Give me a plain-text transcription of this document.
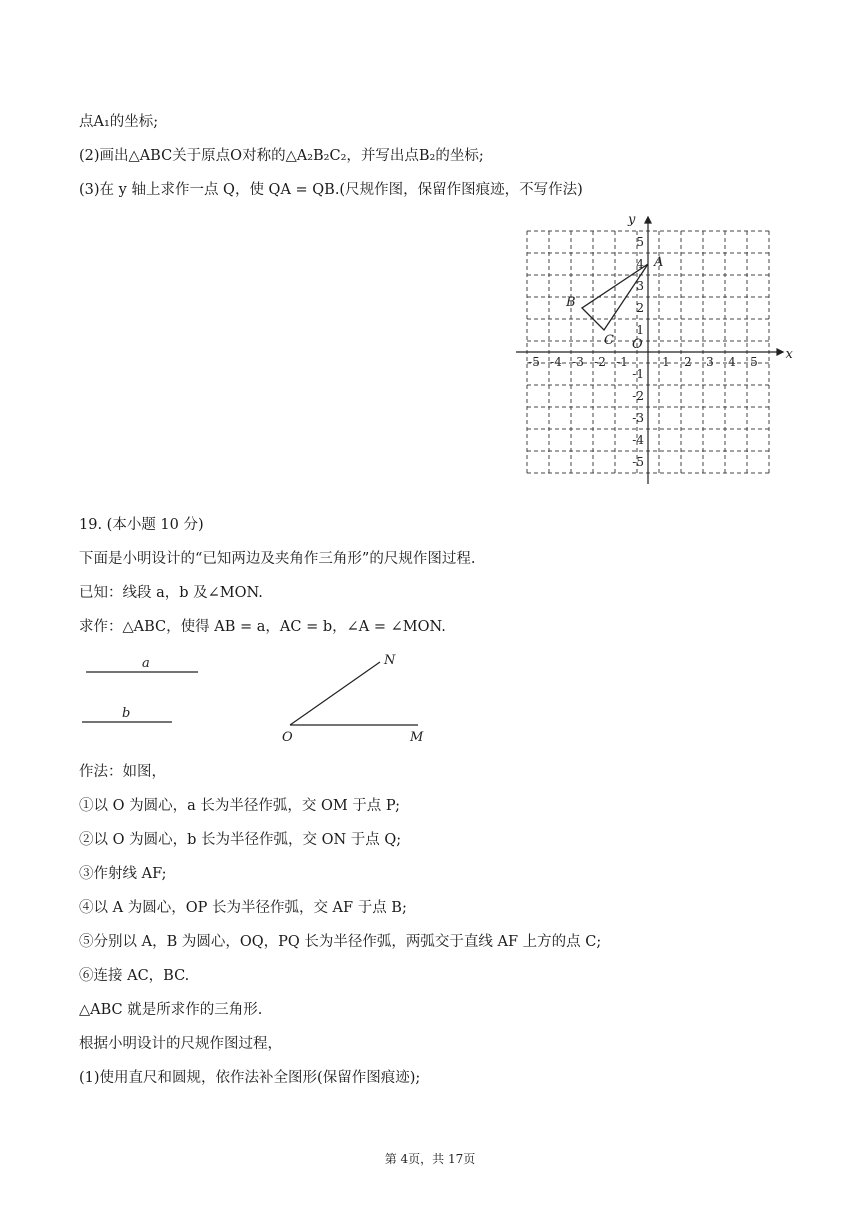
点A₁的坐标;

(2)画出△ABC关于原点O对称的△A₂B₂C₂，并写出点B₂的坐标;

(3)在 y 轴上求作一点 Q，使 QA = QB.(尺规作图，保留作图痕迹，不写作法)

-5 -4 -3 -2 -1	1 2 3 4 5
5
4
3
2
1
-1
-2
-3
-4
-5
x
y
O
A
B
C

19. (本小题 10 分)

下面是小明设计的“已知两边及夹角作三角形”的尺规作图过程.

已知：线段 a，b 及∠MON.

求作：△ABC，使得 AB = a，AC = b，∠A = ∠MON.

a
b
O	M
N

作法：如图，

①以 O 为圆心，a 长为半径作弧，交 OM 于点 P;

②以 O 为圆心，b 长为半径作弧，交 ON 于点 Q;

③作射线 AF;

④以 A 为圆心，OP 长为半径作弧，交 AF 于点 B;

⑤分别以 A，B 为圆心，OQ，PQ 长为半径作弧，两弧交于直线 AF 上方的点 C;

⑥连接 AC，BC.

△ABC 就是所求作的三角形.

根据小明设计的尺规作图过程，

(1)使用直尺和圆规，依作法补全图形(保留作图痕迹);

第 4页，共 17页
